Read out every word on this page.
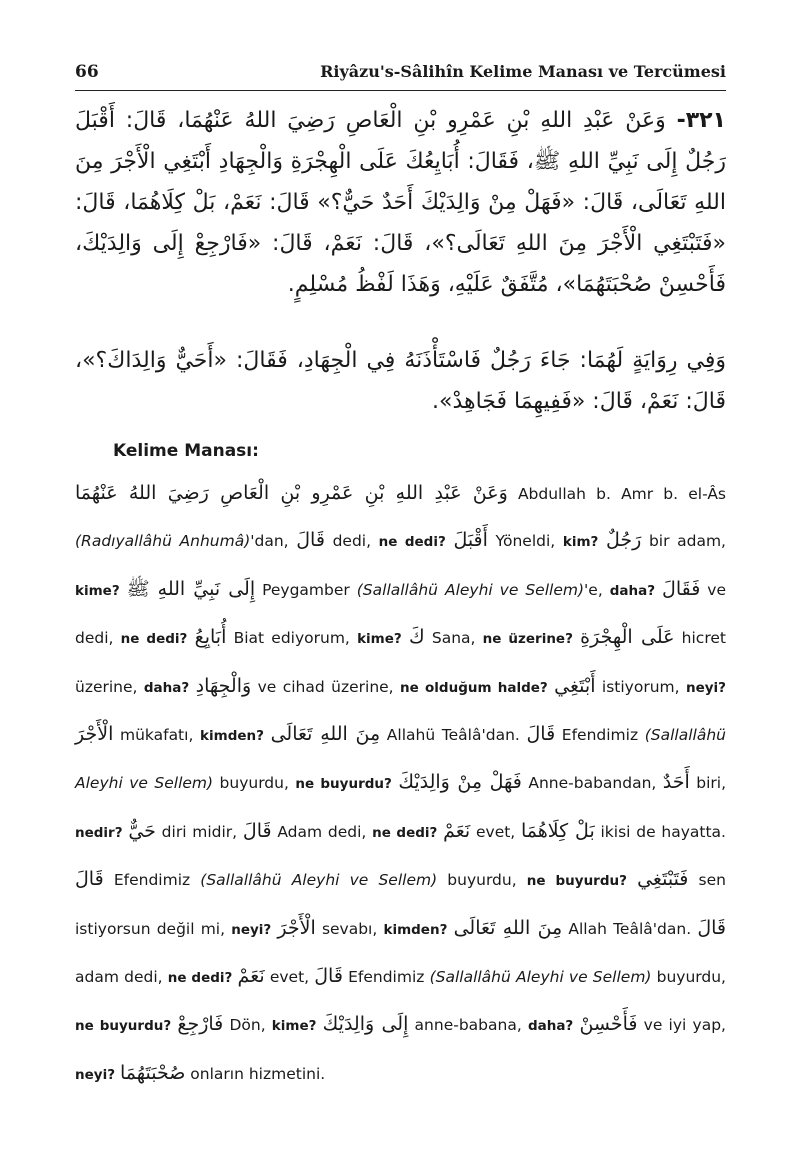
66	Riyâzu's-Sâlihîn Kelime Manası ve Tercümesi
٣٢١- وَعَنْ عَبْدِ اللهِ بْنِ عَمْرِو بْنِ الْعَاصِ رَضِيَ اللهُ عَنْهُمَا، قَالَ: أَقْبَلَ رَجُلٌ إِلَى نَبِيِّ اللهِ ﷺ، فَقَالَ: أُبَايِعُكَ عَلَى الْهِجْرَةِ وَالْجِهَادِ أَبْتَغِي الْأَجْرَ مِنَ اللهِ تَعَالَى، قَالَ: «فَهَلْ مِنْ وَالِدَيْكَ أَحَدٌ حَيٌّ؟» قَالَ: نَعَمْ، بَلْ كِلَاهُمَا، قَالَ: «فَتَبْتَغِي الْأَجْرَ مِنَ اللهِ تَعَالَى؟»، قَالَ: نَعَمْ، قَالَ: «فَارْجِعْ إِلَى وَالِدَيْكَ، فَأَحْسِنْ صُحْبَتَهُمَا»، مُتَّفَقٌ عَلَيْهِ، وَهَذَا لَفْظُ مُسْلِمٍ.
وَفِي رِوَايَةٍ لَهُمَا: جَاءَ رَجُلٌ فَاسْتَأْذَنَهُ فِي الْجِهَادِ، فَقَالَ: «أَحَيٌّ وَالِدَاكَ؟»، قَالَ: نَعَمْ، قَالَ: «فَفِيهِمَا فَجَاهِدْ».
Kelime Manası:
وَعَنْ عَبْدِ اللهِ بْنِ عَمْرِو بْنِ الْعَاصِ رَضِيَ اللهُ عَنْهُمَا Abdullah b. Amr b. el-Âs (Radıyallâhü Anhumâ)'dan, قَالَ dedi, ne dedi? أَقْبَلَ Yöneldi, kim? رَجُلٌ bir adam, kime? إِلَى نَبِيِّ اللهِ ﷺ Peygamber (Sallallâhü Aleyhi ve Sellem)'e, daha? فَقَالَ ve dedi, ne dedi? أُبَايِعُ Biat ediyorum, kime? كَ Sana, ne üzerine? عَلَى الْهِجْرَةِ hicret üzerine, daha? وَالْجِهَادِ ve cihad üzerine, ne olduğum halde? أَبْتَغِي istiyorum, neyi? الْأَجْرَ mükafatı, kimden? مِنَ اللهِ تَعَالَى Allahü Teâlâ'dan. قَالَ Efendimiz (Sallallâhü Aleyhi ve Sellem) buyurdu, ne buyurdu? فَهَلْ مِنْ وَالِدَيْكَ Anne-babandan, أَحَدٌ biri, nedir? حَيٌّ diri midir, قَالَ Adam dedi, ne dedi? نَعَمْ evet, بَلْ كِلَاهُمَا ikisi de hayatta. قَالَ Efendimiz (Sallallâhü Aleyhi ve Sellem) buyurdu, ne buyurdu? فَتَبْتَغِي sen istiyorsun değil mi, neyi? الْأَجْرَ sevabı, kimden? مِنَ اللهِ تَعَالَى Allah Teâlâ'dan. قَالَ adam dedi, ne dedi? نَعَمْ evet, قَالَ Efendimiz (Sallallâhü Aleyhi ve Sellem) buyurdu, ne buyurdu? فَارْجِعْ Dön, kime? إِلَى وَالِدَيْكَ anne-babana, daha? فَأَحْسِنْ ve iyi yap, neyi? صُحْبَتَهُمَا onların hizmetini.
